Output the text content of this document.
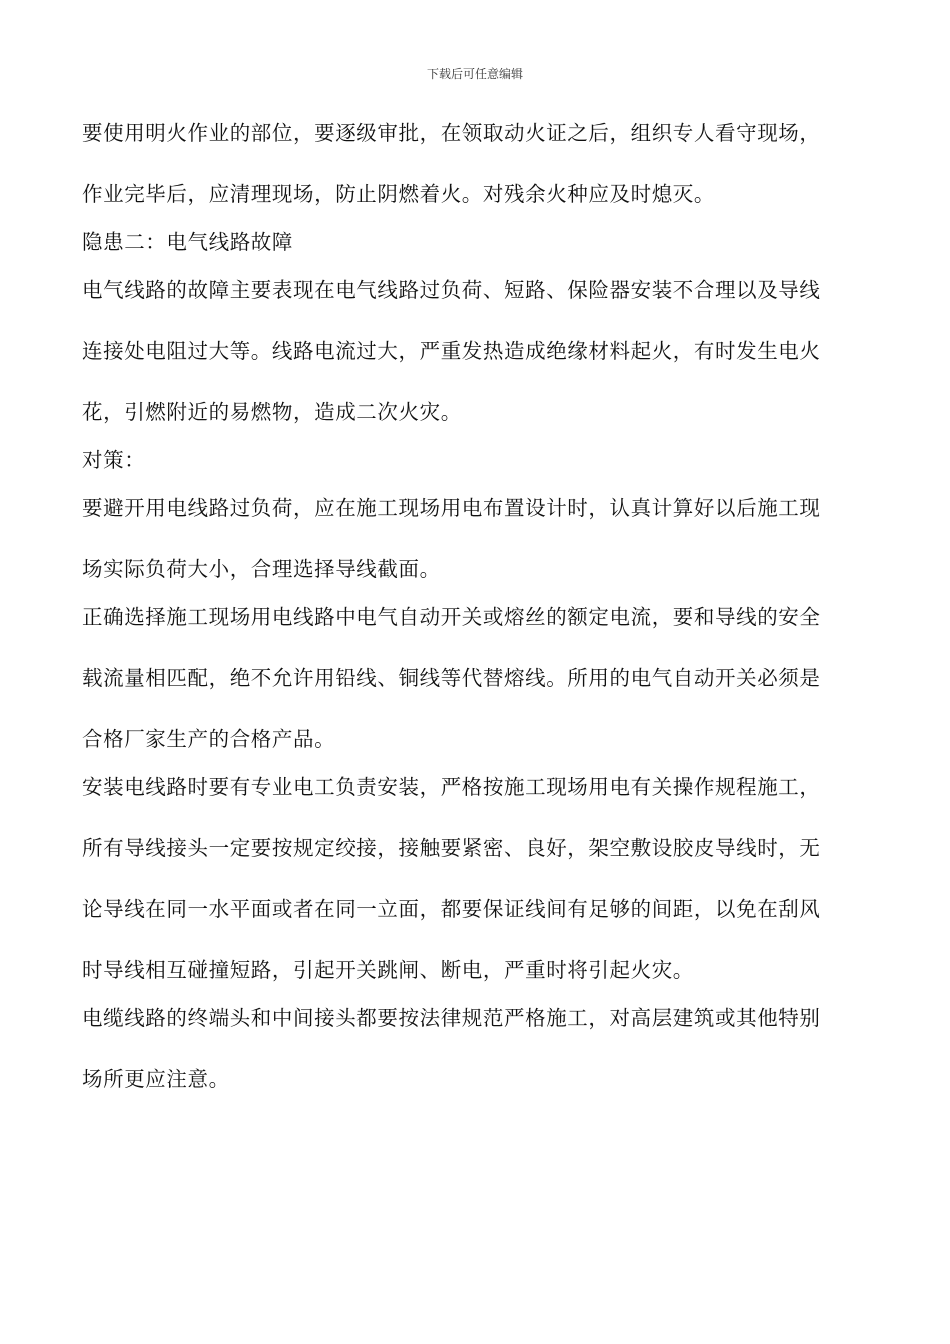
下载后可任意编辑
要使用明火作业的部位，要逐级审批，在领取动火证之后，组织专人看守现场，
作业完毕后，应清理现场，防止阴燃着火。对残余火种应及时熄灭。
隐患二：电气线路故障
电气线路的故障主要表现在电气线路过负荷、短路、保险器安装不合理以及导线
连接处电阻过大等。线路电流过大，严重发热造成绝缘材料起火，有时发生电火
花，引燃附近的易燃物，造成二次火灾。
对策：
要避开用电线路过负荷，应在施工现场用电布置设计时，认真计算好以后施工现
场实际负荷大小，合理选择导线截面。
正确选择施工现场用电线路中电气自动开关或熔丝的额定电流，要和导线的安全
载流量相匹配，绝不允许用铅线、铜线等代替熔线。所用的电气自动开关必须是
合格厂家生产的合格产品。
安装电线路时要有专业电工负责安装，严格按施工现场用电有关操作规程施工，
所有导线接头一定要按规定绞接，接触要紧密、良好，架空敷设胶皮导线时，无
论导线在同一水平面或者在同一立面，都要保证线间有足够的间距，以免在刮风
时导线相互碰撞短路，引起开关跳闸、断电，严重时将引起火灾。
电缆线路的终端头和中间接头都要按法律规范严格施工，对高层建筑或其他特别
场所更应注意。
